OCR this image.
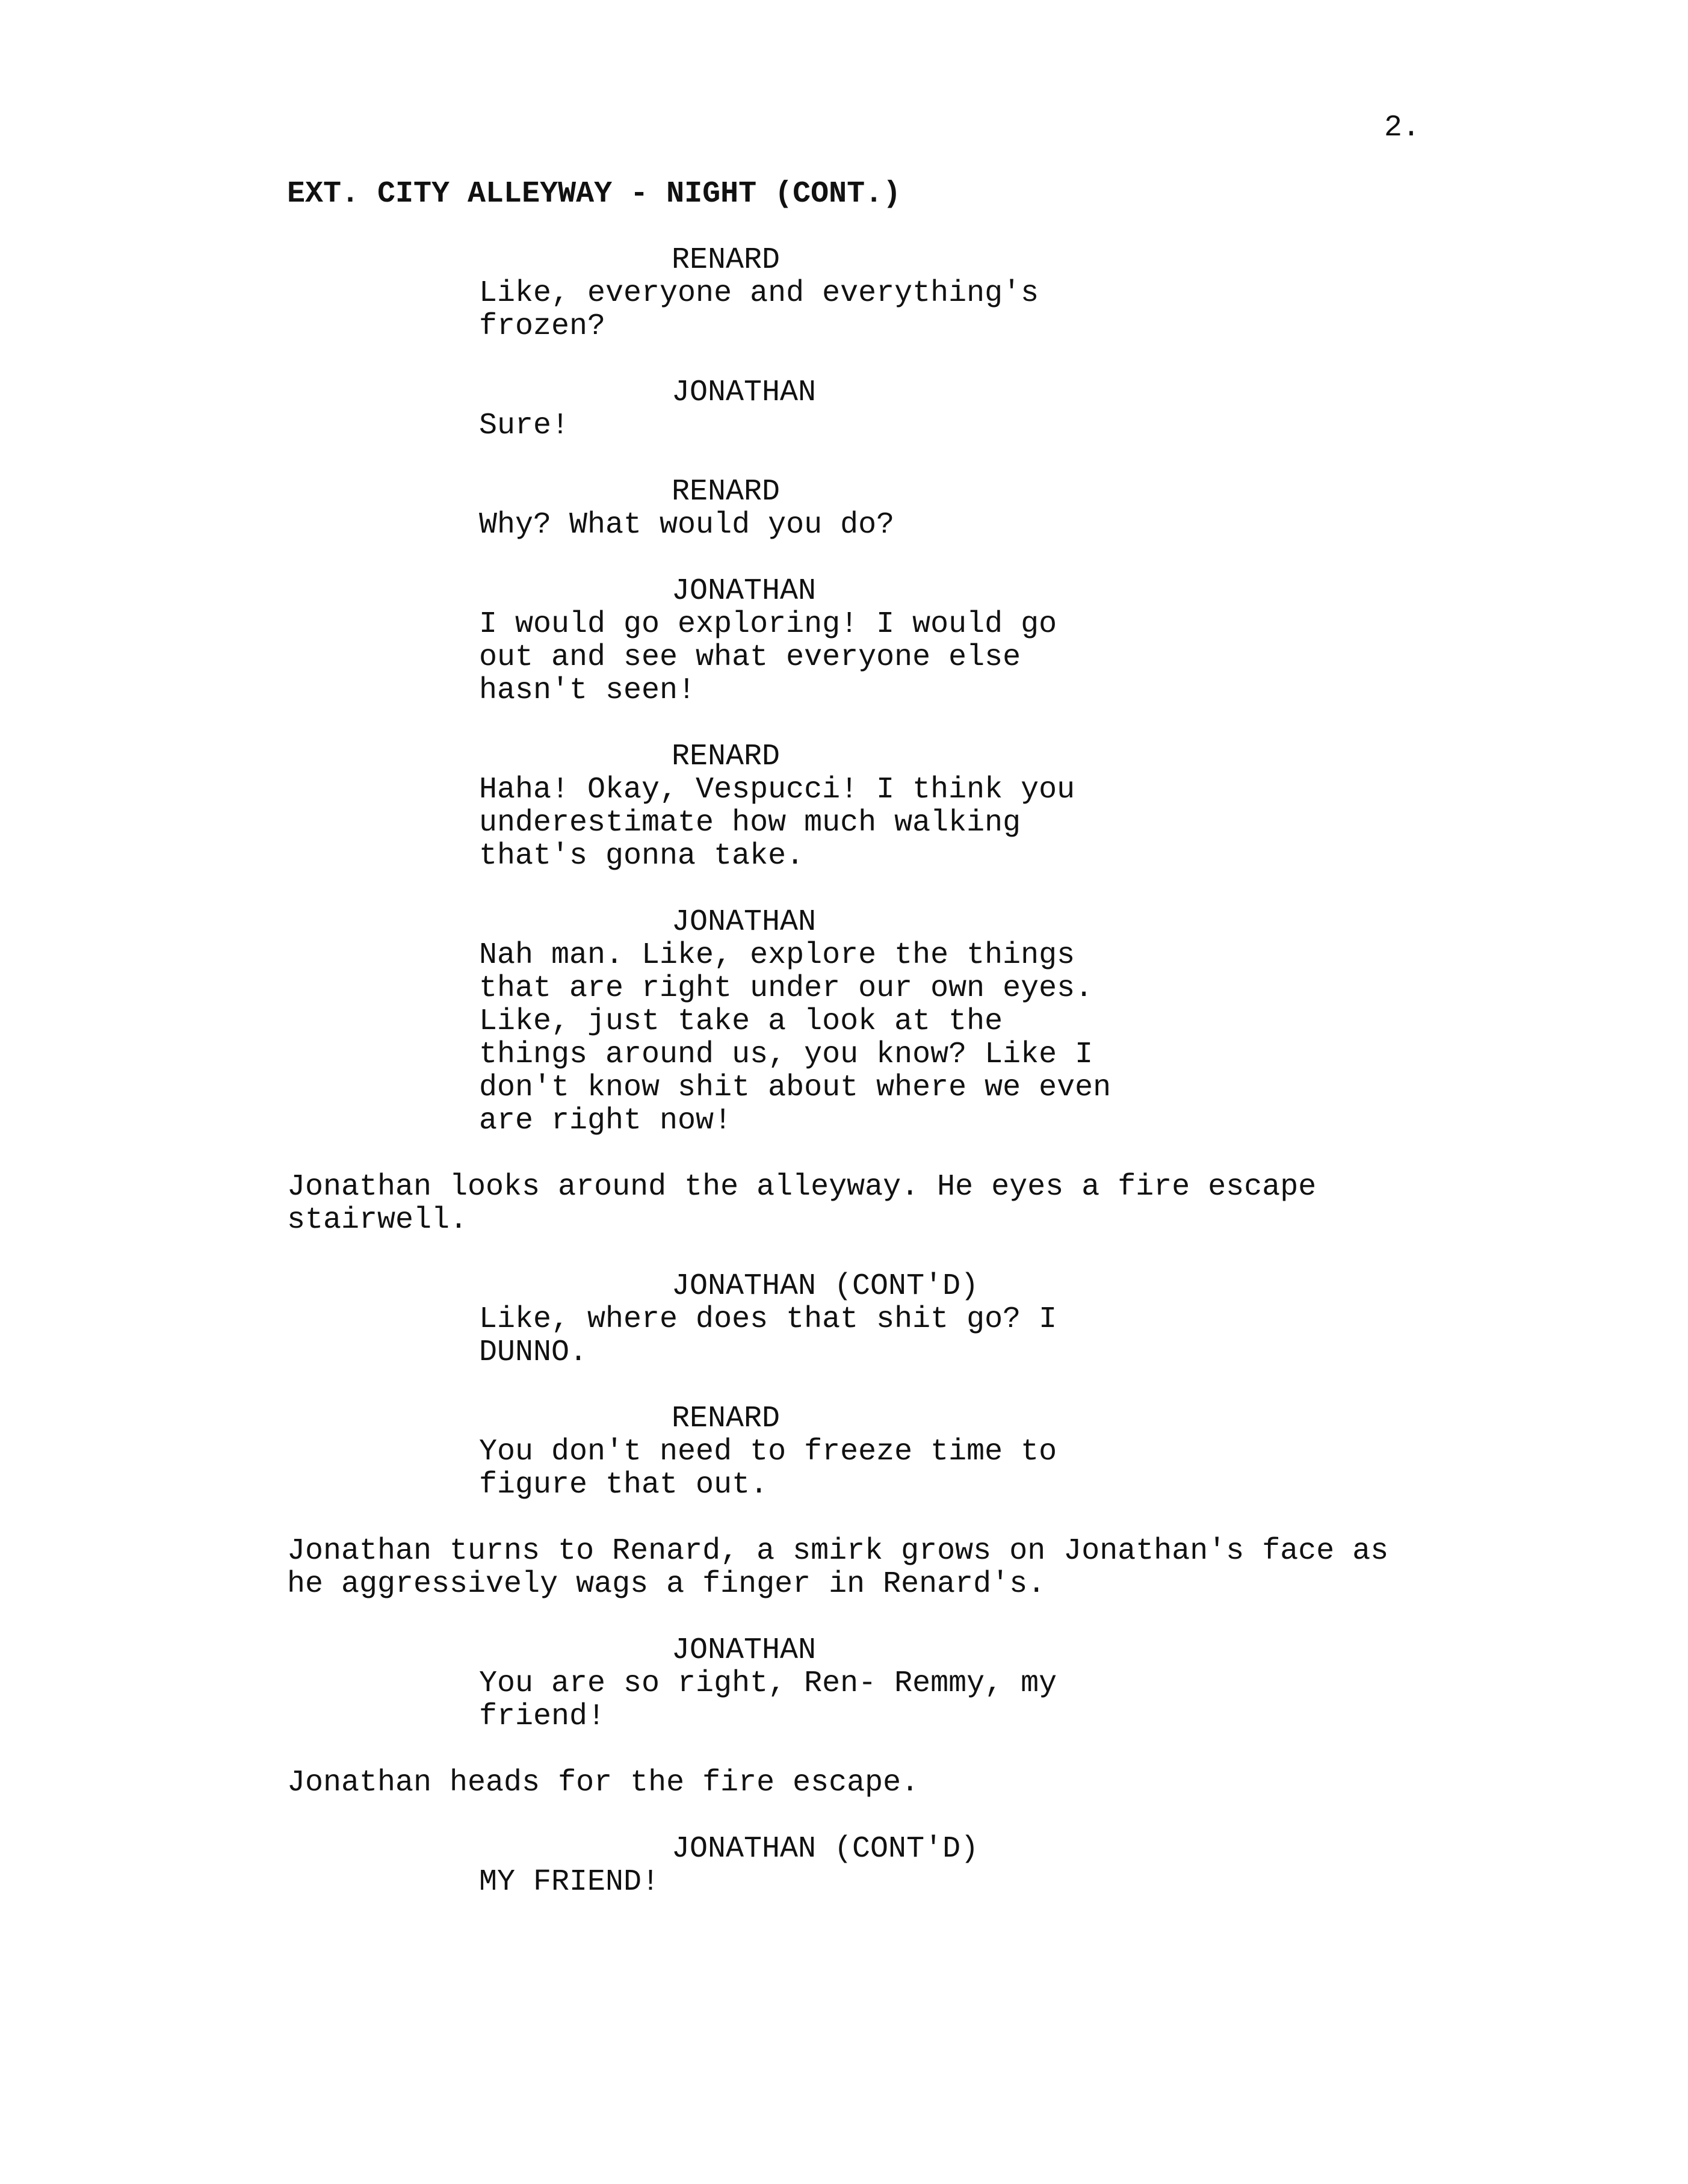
2.
EXT. CITY ALLEYWAY - NIGHT (CONT.)
RENARD
Like, everyone and everything's
frozen?
JONATHAN
Sure!
RENARD
Why? What would you do?
JONATHAN
I would go exploring! I would go
out and see what everyone else
hasn't seen!
RENARD
Haha! Okay, Vespucci! I think you
underestimate how much walking
that's gonna take.
JONATHAN
Nah man. Like, explore the things
that are right under our own eyes.
Like, just take a look at the
things around us, you know? Like I
don't know shit about where we even
are right now!
Jonathan looks around the alleyway. He eyes a fire escape
stairwell.
JONATHAN (CONT'D)
Like, where does that shit go? I
DUNNO.
RENARD
You don't need to freeze time to
figure that out.
Jonathan turns to Renard, a smirk grows on Jonathan's face as
he aggressively wags a finger in Renard's.
JONATHAN
You are so right, Ren- Remmy, my
friend!
Jonathan heads for the fire escape.
JONATHAN (CONT'D)
MY FRIEND!
